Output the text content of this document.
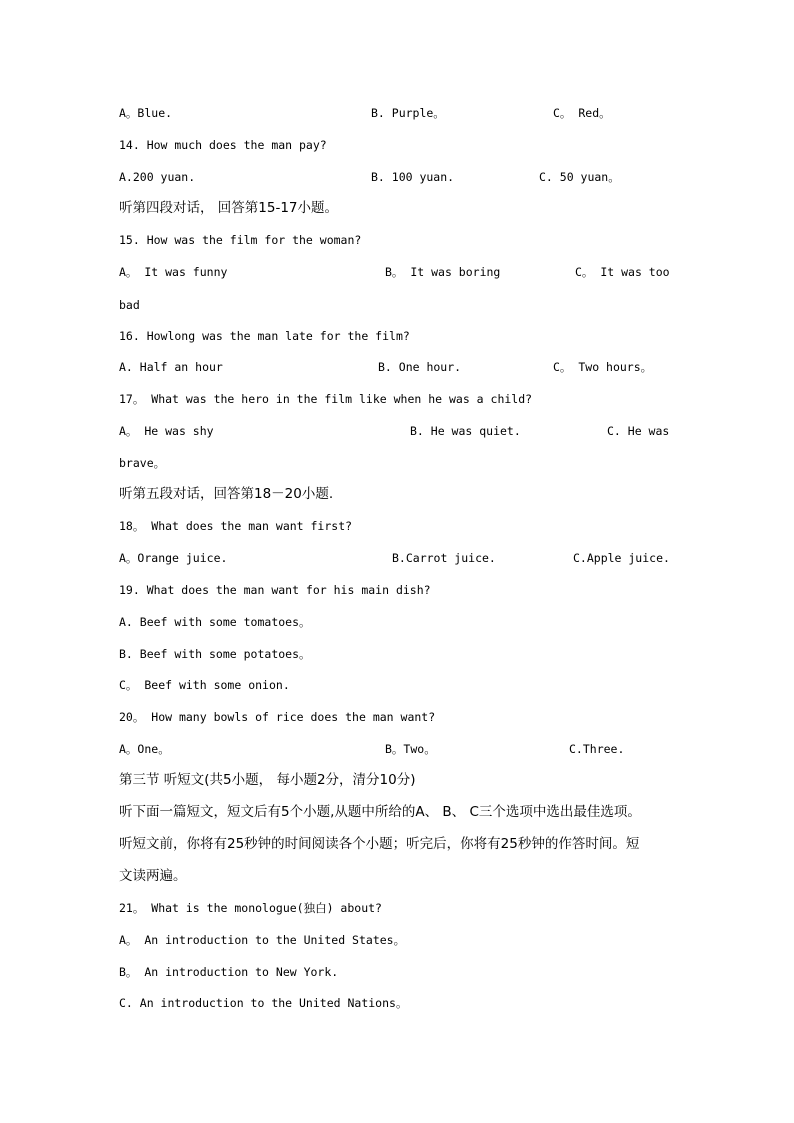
A。Blue.	B. Purple。	C。 Red。
14. How much does the man pay?
A.200 yuan.	B. 100 yuan.	C. 50 yuan。
听第四段对话， 回答第15-17小题。
15. How was the film for the woman?
A。 It was funny	B。 It was boring	C。 It was too
bad
16. Howlong was the man late for the film?
A. Half an hour	B. One hour.	C。 Two hours。
17。 What was the hero in the film like when he was a child?
A。 He was shy	B. He was quiet.	C. He was
brave。
听第五段对话，回答第18－20小题.
18。 What does the man want first?
A。Orange juice.	B.Carrot juice.	C.Apple juice.
19. What does the man want for his main dish?
A. Beef with some tomatoes。
B. Beef with some potatoes。
C。 Beef with some onion.
20。 How many bowls of rice does the man want?
A。One。	B。Two。	C.Three.
第三节 听短文(共5小题， 每小题2分，清分10分)
听下面一篇短文，短文后有5个小题,从题中所给的A、 B、 C三个选项中选出最佳选项。
听短文前，你将有25秒钟的时间阅读各个小题；听完后，你将有25秒钟的作答时间。短
文读两遍。
21。 What is the monologue(独白) about?
A。 An introduction to the United States。
B。 An introduction to New York.
C. An introduction to the United Nations。
